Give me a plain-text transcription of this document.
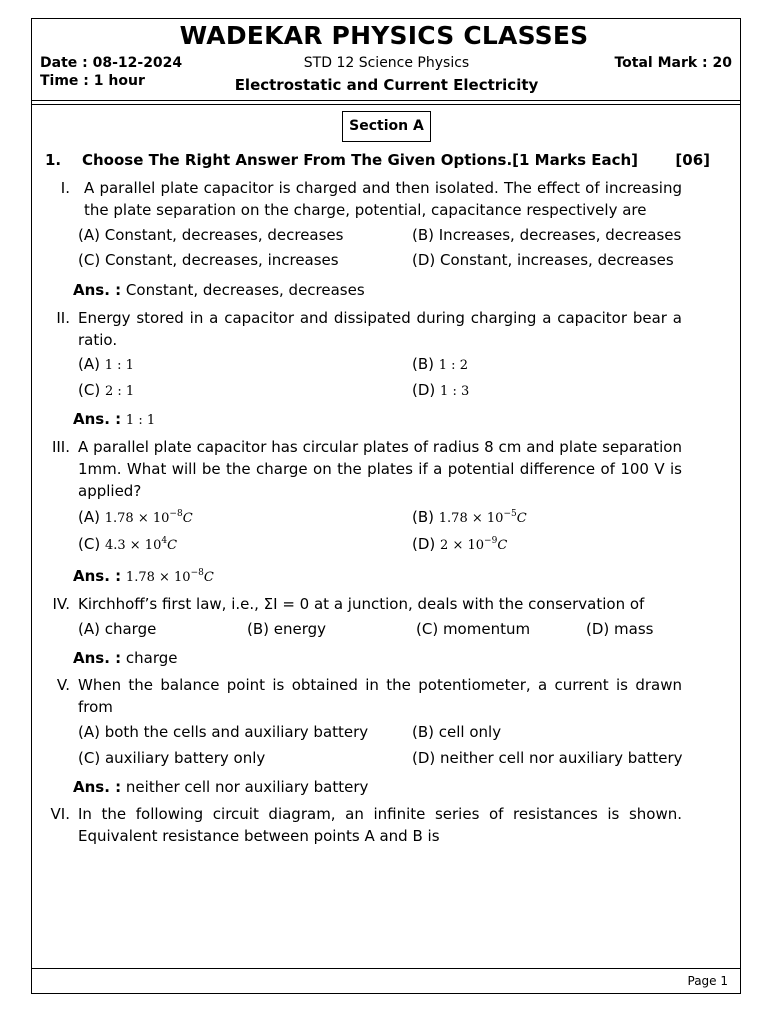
WADEKAR PHYSICS CLASSES
Date : 08-12-2024
Time : 1 hour
STD 12 Science Physics
Electrostatic and Current Electricity
Total Mark : 20
Section A
1. Choose The Right Answer From The Given Options.[1 Marks Each] [06]
I. A parallel plate capacitor is charged and then isolated. The effect of increasing the plate separation on the charge, potential, capacitance respectively are
(A) Constant, decreases, decreases	(B) Increases, decreases, decreases
(C) Constant, decreases, increases	(D) Constant, increases, decreases
Ans. : Constant, decreases, decreases
II. Energy stored in a capacitor and dissipated during charging a capacitor bear a ratio.
(A) 1 : 1	(B) 1 : 2
(C) 2 : 1	(D) 1 : 3
Ans. : 1 : 1
III. A parallel plate capacitor has circular plates of radius 8 cm and plate separation 1mm. What will be the charge on the plates if a potential difference of 100 V is applied?
(A) $1.78 \times 10^{-8}C$	(B) $1.78 \times 10^{-5}C$
(C) $4.3 \times 10^4C$	(D) $2 \times 10^{-9}C$
Ans. : $1.78 \times 10^{-8}C$
IV. Kirchhoff’s first law, i.e., ΣI = 0 at a junction, deals with the conservation of
(A) charge	(B) energy	(C) momentum	(D) mass
Ans. : charge
V. When the balance point is obtained in the potentiometer, a current is drawn from
(A) both the cells and auxiliary battery	(B) cell only
(C) auxiliary battery only	(D) neither cell nor auxiliary battery
Ans. : neither cell nor auxiliary battery
VI. In the following circuit diagram, an infinite series of resistances is shown. Equivalent resistance between points A and B is
Page 1
